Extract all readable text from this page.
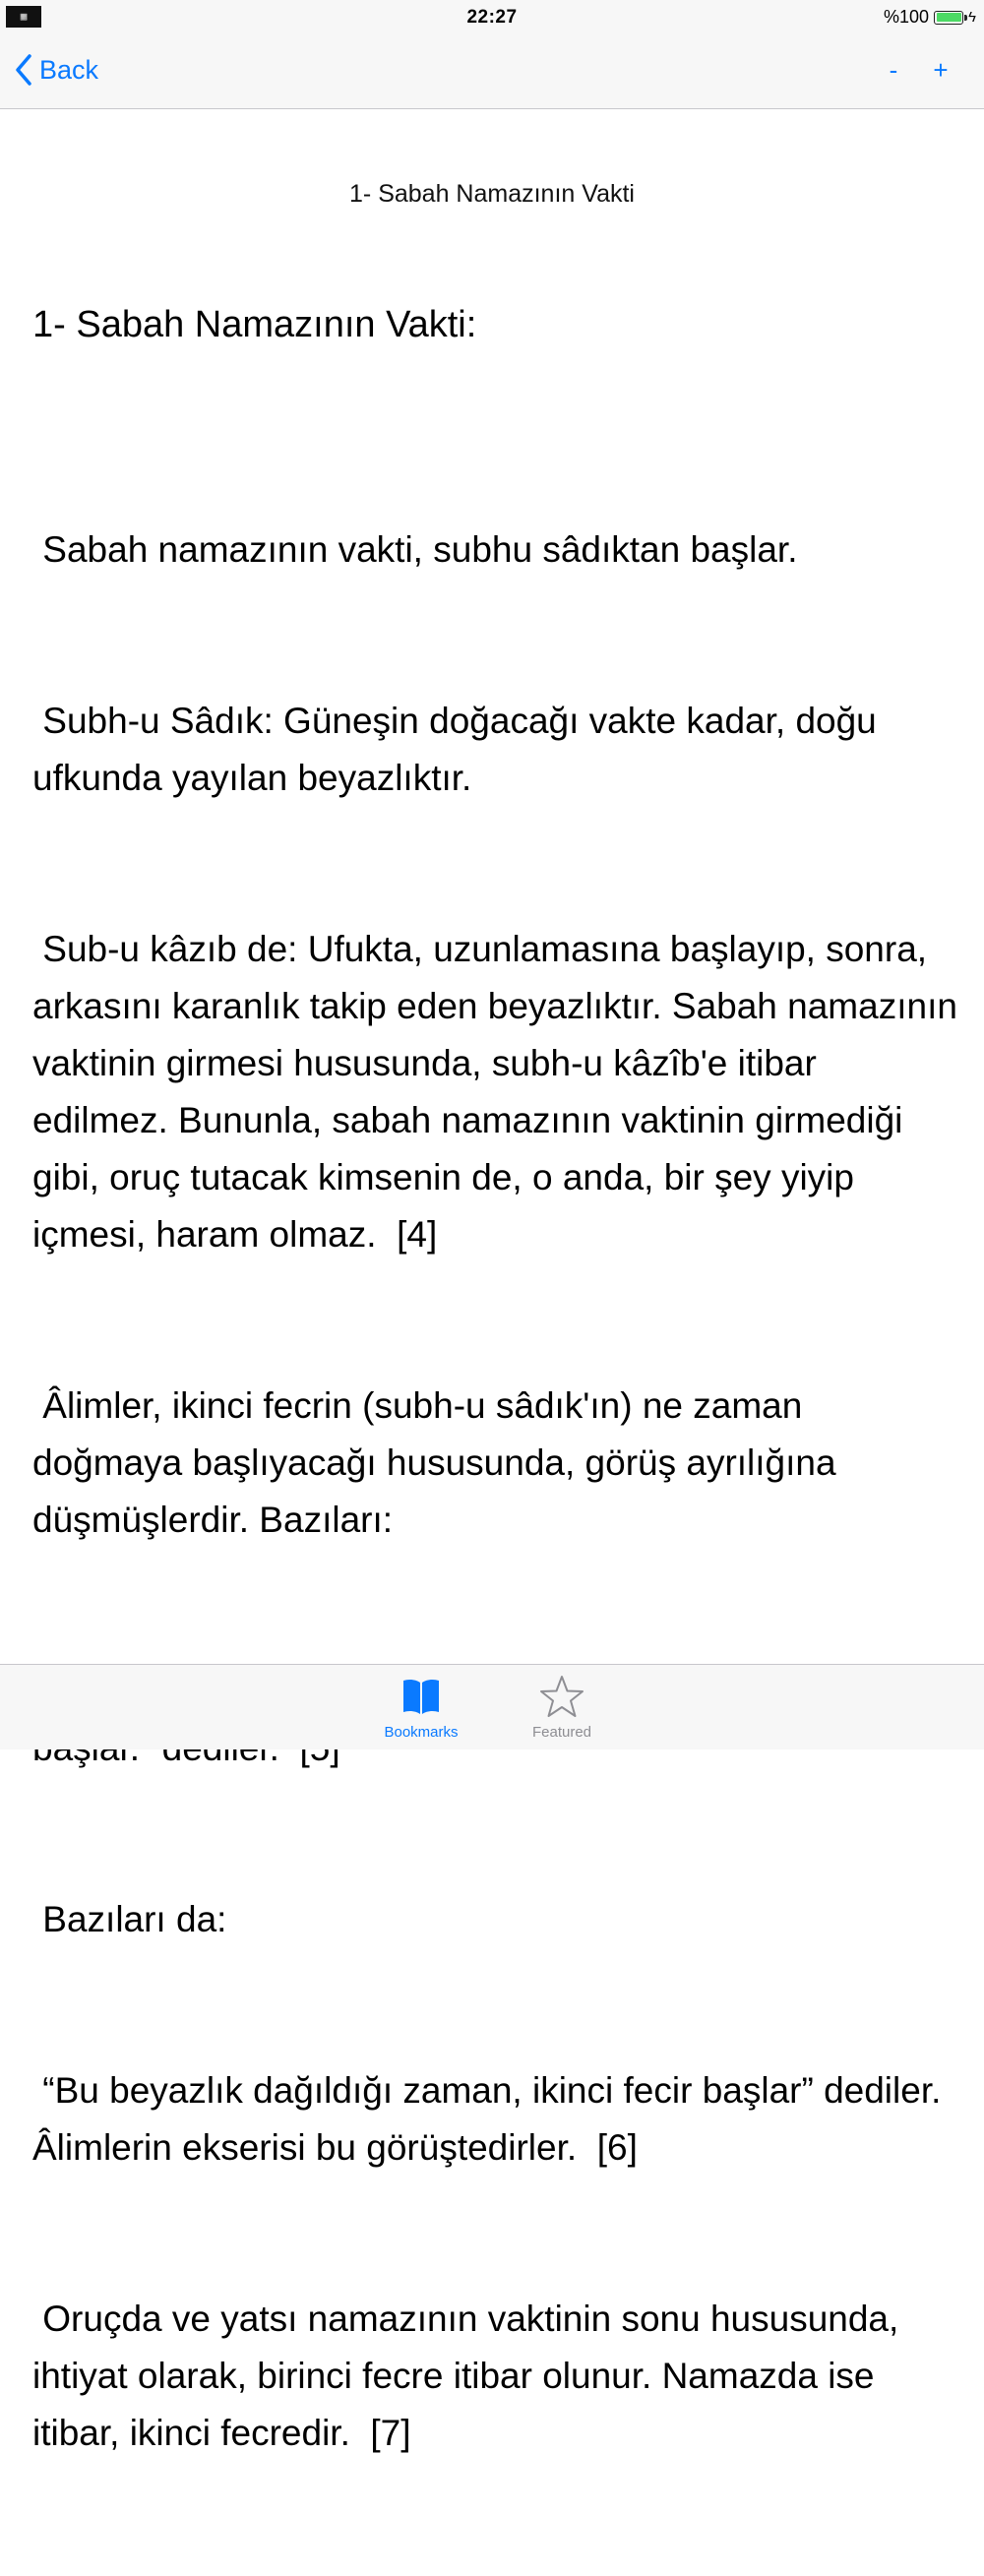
▦	22:27	%100	ϟ
Back	-	+
1- Sabah Namazının Vakti
1- Sabah Namazının Vakti:

Sabah namazının vakti, subhu sâdıktan başlar.

Subh-u Sâdık: Güneşin doğacağı vakte kadar, doğu ufkunda yayılan beyazlıktır.

Sub-u kâzıb de: Ufukta, uzunlamasına başlayıp, sonra, arkasını karanlık takip eden beyazlıktır. Sabah namazının vaktinin girmesi hususunda, subh-u kâzîb'e itibar edilmez. Bununla, sabah namazının vaktinin girmediği gibi, oruç tutacak kimsenin de, o anda, bir şey yiyip içmesi, haram olmaz.  [4]

Âlimler, ikinci fecrin (subh-u sâdık'ın) ne zaman doğmaya başlıyacağı hususunda, görüş ayrılığına düşmüşlerdir. Bazıları:

Bazıları da:

“Bu beyazlık dağıldığı zaman, ikinci fecir başlar” dediler. Âlimlerin ekserisi bu görüştedirler.  [6]

Oruçda ve yatsı namazının vaktinin sonu hususunda, ihtiyat olarak, birinci fecre itibar olunur. Namazda ise itibar, ikinci fecredir.  [7]

Bookmarks	Featured
